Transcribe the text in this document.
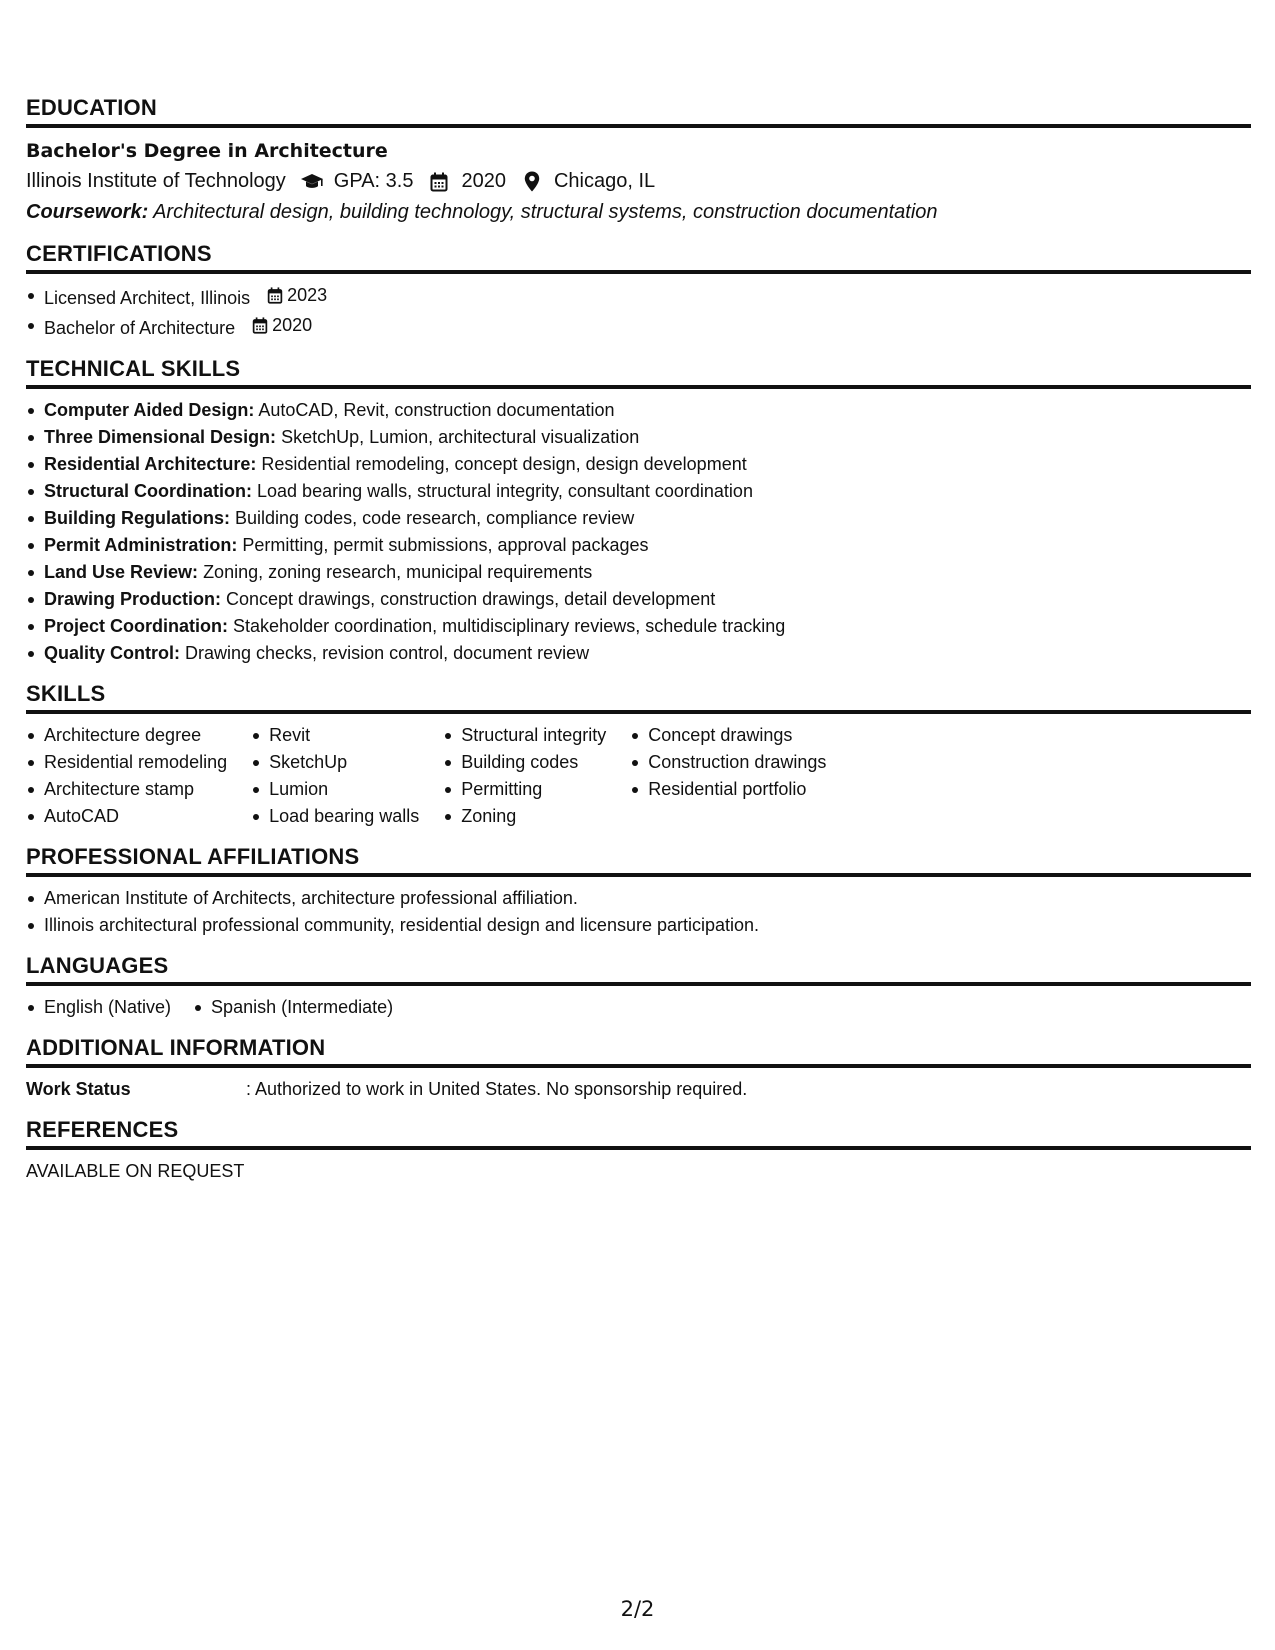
EDUCATION
Bachelor's Degree in Architecture
Illinois Institute of Technology GPA: 3.5 2020 Chicago, IL
Coursework: Architectural design, building technology, structural systems, construction documentation
CERTIFICATIONS
Licensed Architect, Illinois 2023
Bachelor of Architecture 2020
TECHNICAL SKILLS
Computer Aided Design: AutoCAD, Revit, construction documentation
Three Dimensional Design: SketchUp, Lumion, architectural visualization
Residential Architecture: Residential remodeling, concept design, design development
Structural Coordination: Load bearing walls, structural integrity, consultant coordination
Building Regulations: Building codes, code research, compliance review
Permit Administration: Permitting, permit submissions, approval packages
Land Use Review: Zoning, zoning research, municipal requirements
Drawing Production: Concept drawings, construction drawings, detail development
Project Coordination: Stakeholder coordination, multidisciplinary reviews, schedule tracking
Quality Control: Drawing checks, revision control, document review
SKILLS
Architecture degree
Residential remodeling
Architecture stamp
AutoCAD
Revit
SketchUp
Lumion
Load bearing walls
Structural integrity
Building codes
Permitting
Zoning
Concept drawings
Construction drawings
Residential portfolio
PROFESSIONAL AFFILIATIONS
American Institute of Architects, architecture professional affiliation.
Illinois architectural professional community, residential design and licensure participation.
LANGUAGES
English (Native)	Spanish (Intermediate)
ADDITIONAL INFORMATION
Work Status	: Authorized to work in United States. No sponsorship required.
REFERENCES
AVAILABLE ON REQUEST
2/2
